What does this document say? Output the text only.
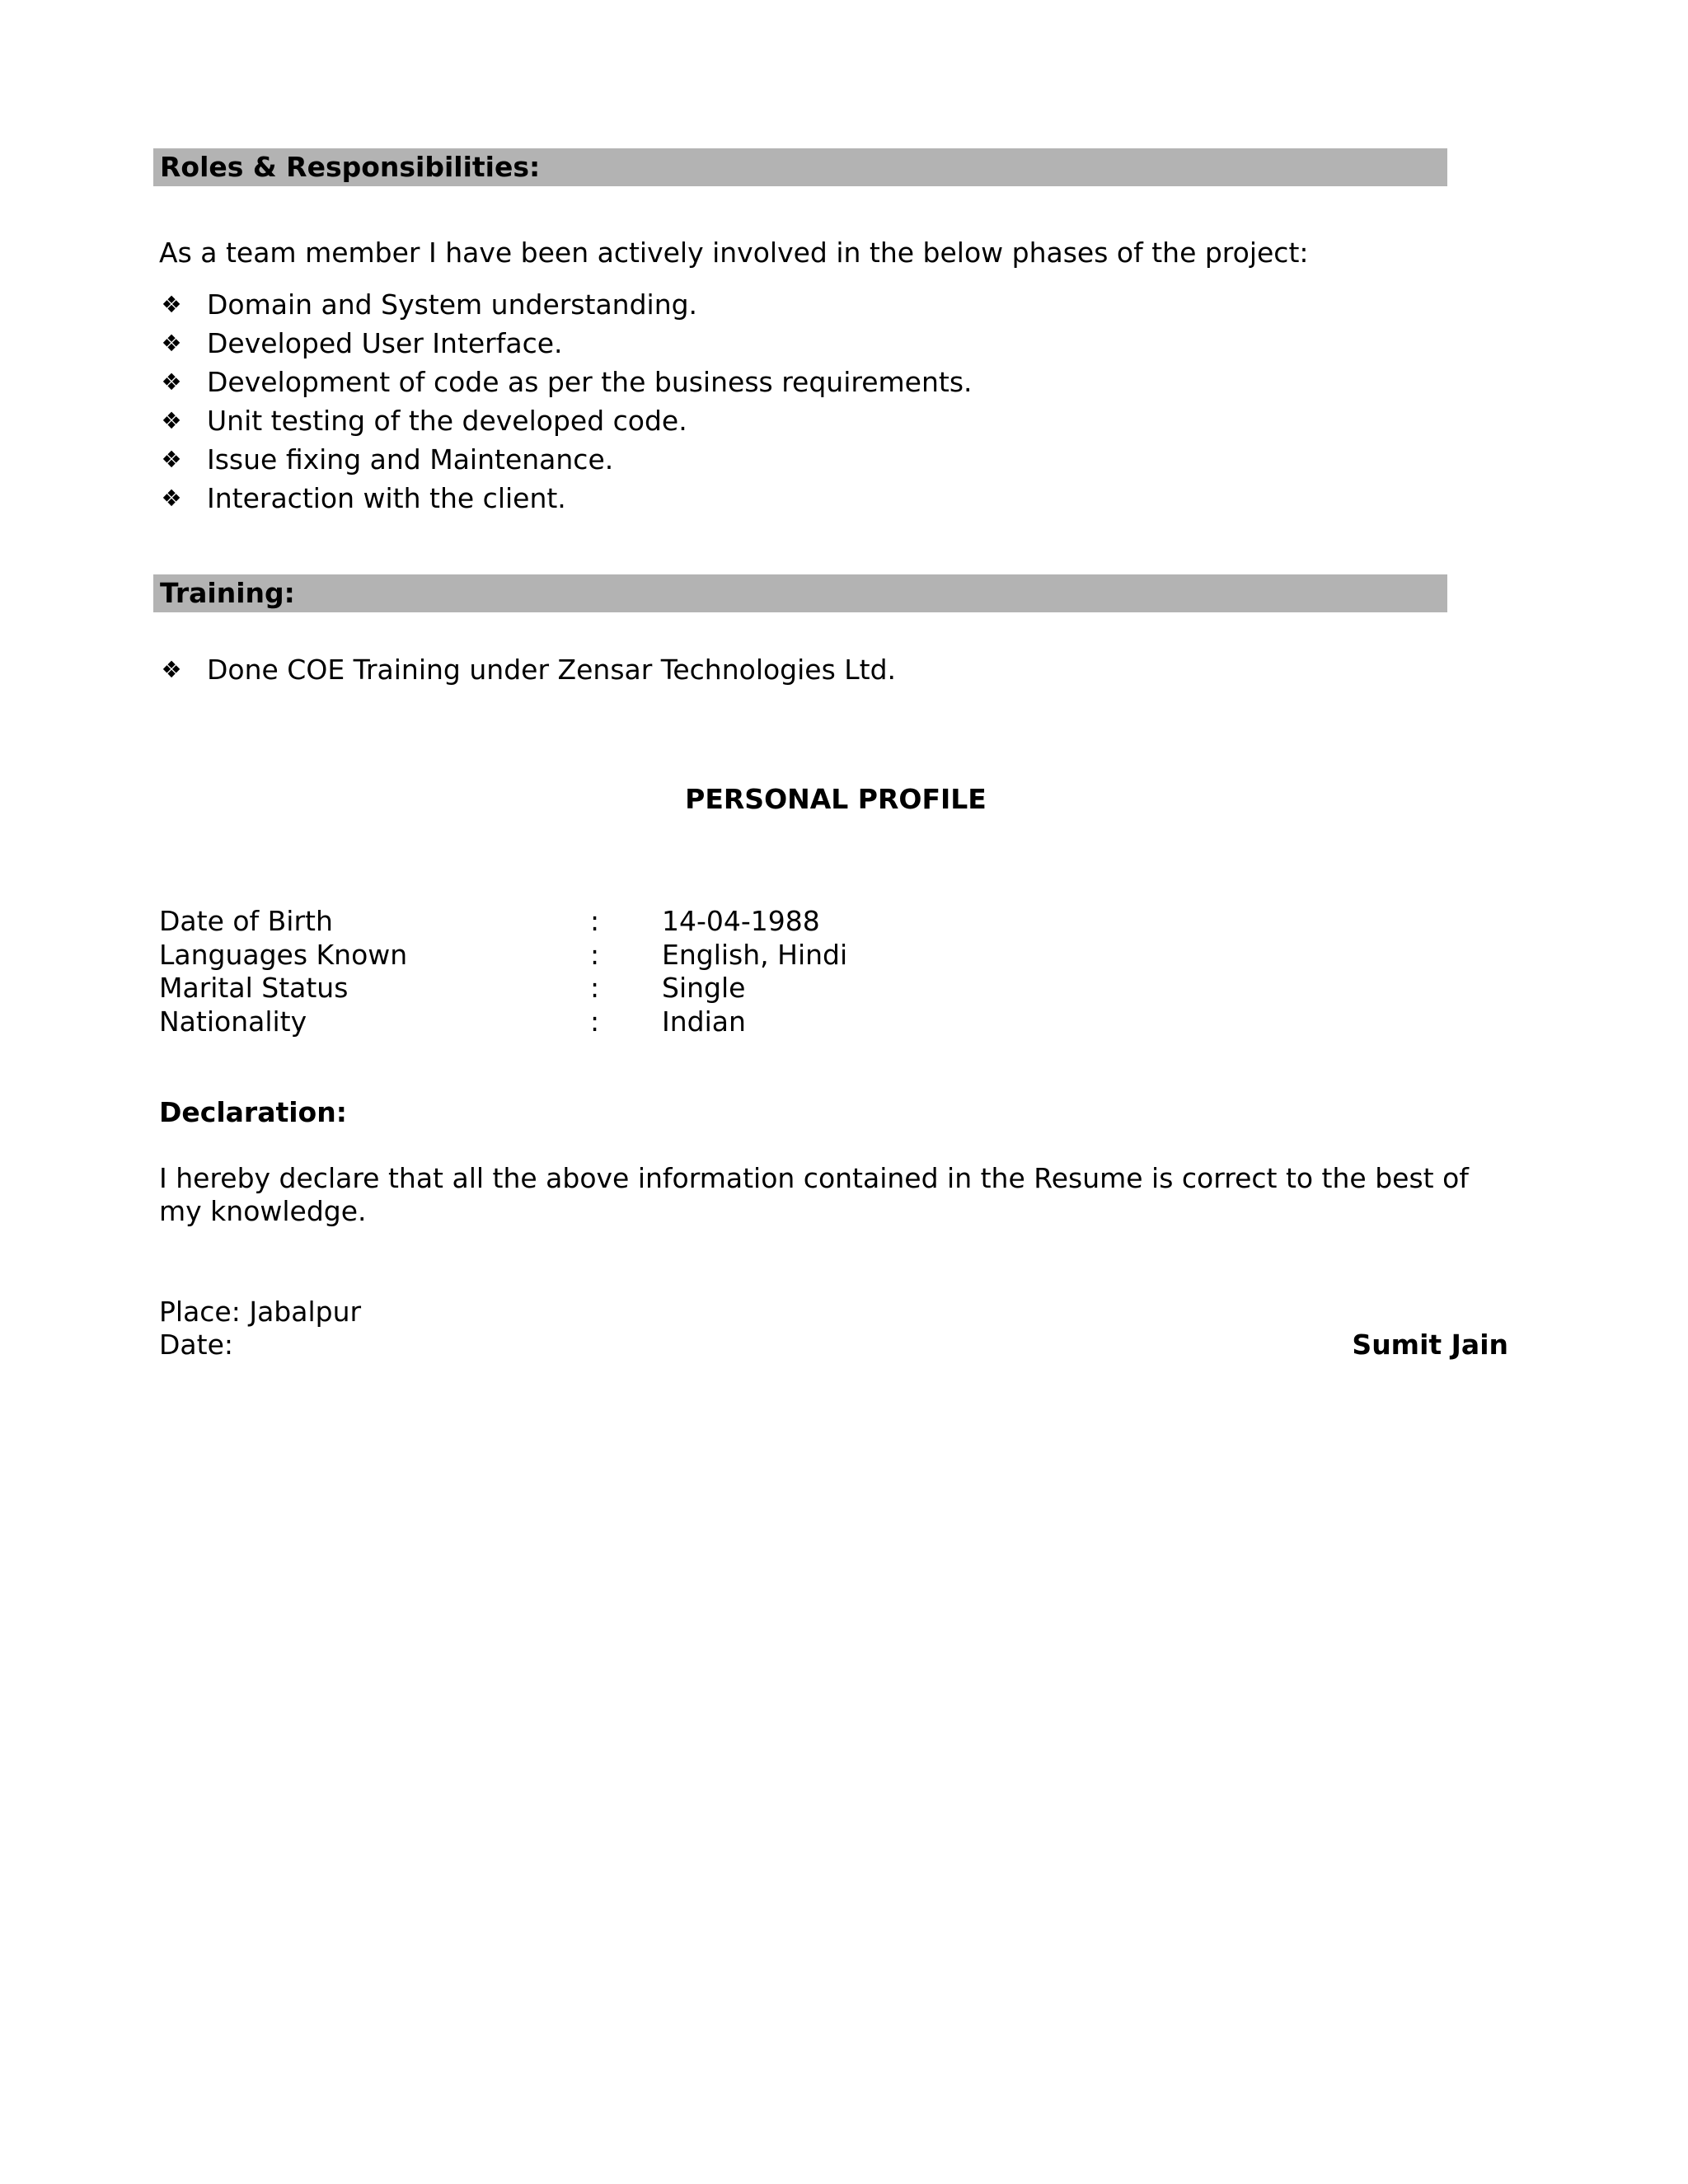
Roles & Responsibilities:
As a team member I have been actively involved in the below phases of the project:
❖ Domain and System understanding.
❖ Developed User Interface.
❖ Development of code as per the business requirements.
❖ Unit testing of the developed code.
❖ Issue fixing and Maintenance.
❖ Interaction with the client.
Training:
❖ Done COE Training under Zensar Technologies Ltd.
PERSONAL PROFILE
Date of Birth	:	14-04-1988
Languages Known	:	English, Hindi
Marital Status	:	Single
Nationality	:	Indian
Declaration:
I hereby declare that all the above information contained in the Resume is correct to the best of
my knowledge.
Place: Jabalpur
Date:	Sumit Jain
